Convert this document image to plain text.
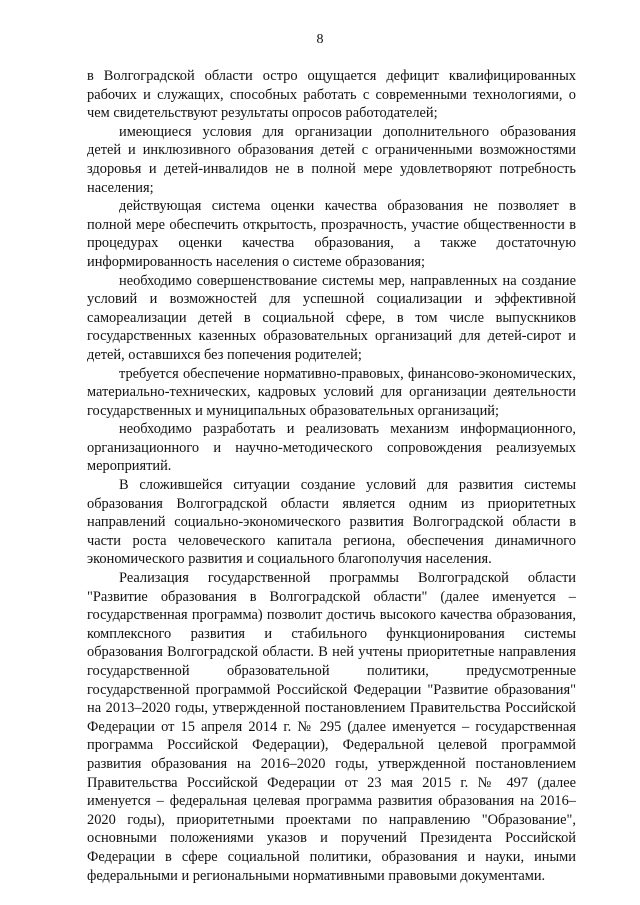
8

в Волгоградской области остро ощущается дефицит квалифицированных рабочих и служащих, способных работать с современными технологиями, о чем свидетельствуют результаты опросов работодателей;

имеющиеся условия для организации дополнительного образования детей и инклюзивного образования детей с ограниченными возможностями здоровья и детей-инвалидов не в полной мере удовлетворяют потребность населения;

действующая система оценки качества образования не позволяет в полной мере обеспечить открытость, прозрачность, участие общественности в процедурах оценки качества образования, а также достаточную информированность населения о системе образования;

необходимо совершенствование системы мер, направленных на создание условий и возможностей для успешной социализации и эффективной самореализации детей в социальной сфере, в том числе выпускников государственных казенных образовательных организаций для детей-сирот и детей, оставшихся без попечения родителей;

требуется обеспечение нормативно-правовых, финансово-экономических, материально-технических, кадровых условий для организации деятельности государственных и муниципальных образовательных организаций;

необходимо разработать и реализовать механизм информационного, организационного и научно-методического сопровождения реализуемых мероприятий.

В сложившейся ситуации создание условий для развития системы образования Волгоградской области является одним из приоритетных направлений социально-экономического развития Волгоградской области в части роста человеческого капитала региона, обеспечения динамичного экономического развития и социального благополучия населения.

Реализация государственной программы Волгоградской области "Развитие образования в Волгоградской области" (далее именуется – государственная программа) позволит достичь высокого качества образования, комплексного развития и стабильного функционирования системы образования Волгоградской области. В ней учтены приоритетные направления государственной образовательной политики, предусмотренные государственной программой Российской Федерации "Развитие образования" на 2013–2020 годы, утвержденной постановлением Правительства Российской Федерации от 15 апреля 2014 г. № 295 (далее именуется – государственная программа Российской Федерации), Федеральной целевой программой развития образования на 2016–2020 годы, утвержденной постановлением Правительства Российской Федерации от 23 мая 2015 г. № 497 (далее именуется – федеральная целевая программа развития образования на 2016–2020 годы), приоритетными проектами по направлению "Образование", основными положениями указов и поручений Президента Российской Федерации в сфере социальной политики, образования и науки, иными федеральными и региональными нормативными правовыми документами.
